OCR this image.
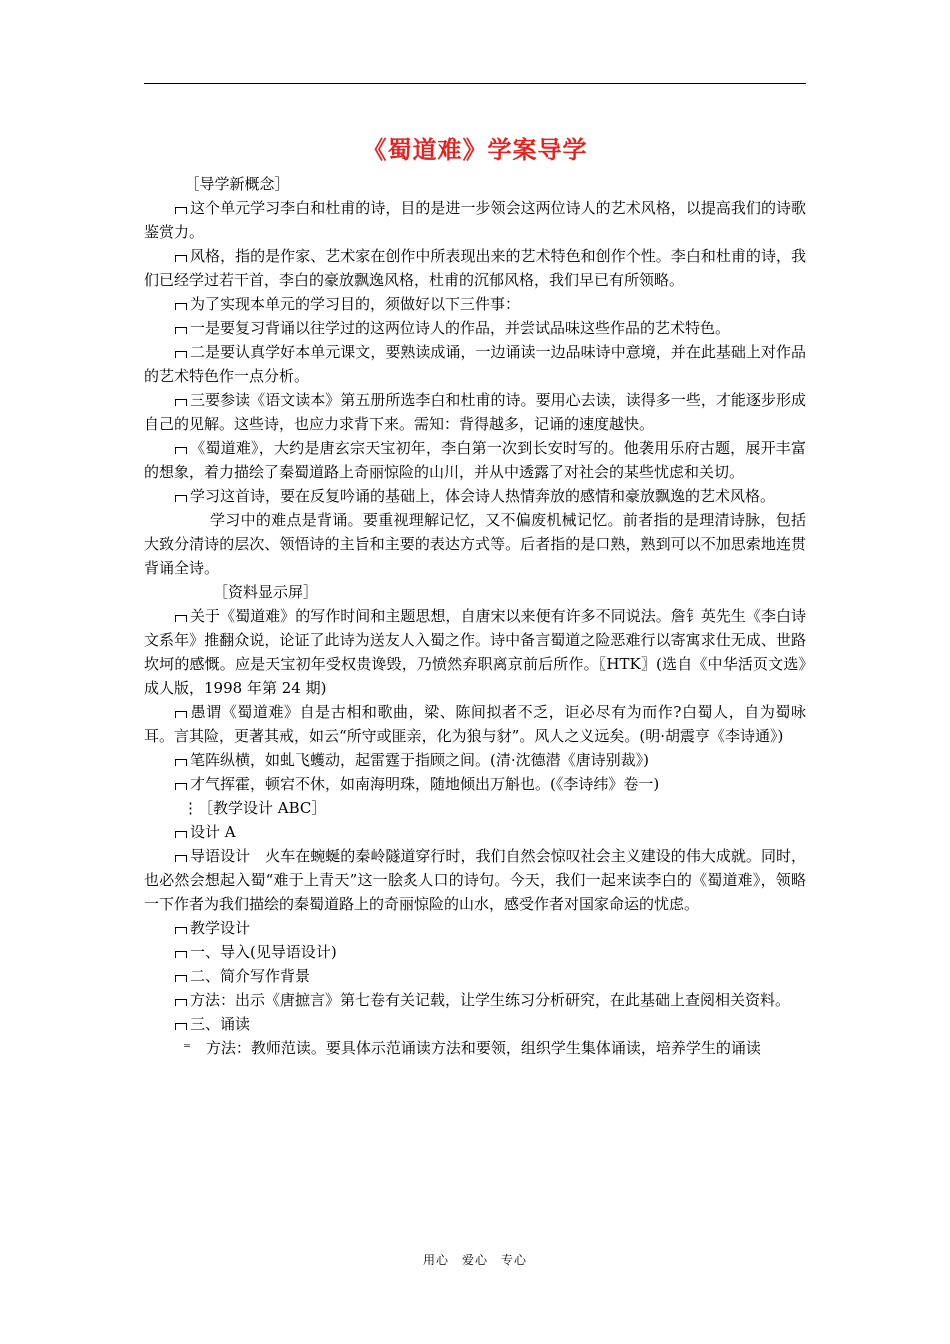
《蜀道难》学案导学

［导学新概念］

这个单元学习李白和杜甫的诗，目的是进一步领会这两位诗人的艺术风格，以提高我们的诗歌鉴赏力。

风格，指的是作家、艺术家在创作中所表现出来的艺术特色和创作个性。李白和杜甫的诗，我们已经学过若干首，李白的豪放飘逸风格，杜甫的沉郁风格，我们早已有所领略。

为了实现本单元的学习目的，须做好以下三件事：

一是要复习背诵以往学过的这两位诗人的作品，并尝试品味这些作品的艺术特色。

二是要认真学好本单元课文，要熟读成诵，一边诵读一边品味诗中意境，并在此基础上对作品的艺术特色作一点分析。

三要参读《语文读本》第五册所选李白和杜甫的诗。要用心去读，读得多一些，才能逐步形成自己的见解。这些诗，也应力求背下来。需知：背得越多，记诵的速度越快。

《蜀道难》，大约是唐玄宗天宝初年，李白第一次到长安时写的。他袭用乐府古题，展开丰富的想象，着力描绘了秦蜀道路上奇丽惊险的山川，并从中透露了对社会的某些忧虑和关切。

学习这首诗，要在反复吟诵的基础上，体会诗人热情奔放的感情和豪放飘逸的艺术风格。

学习中的难点是背诵。要重视理解记忆，又不偏废机械记忆。前者指的是理清诗脉，包括大致分清诗的层次、领悟诗的主旨和主要的表达方式等。后者指的是口熟，熟到可以不加思索地连贯背诵全诗。

［资料显示屏］

关于《蜀道难》的写作时间和主题思想，自唐宋以来便有许多不同说法。詹钅英先生《李白诗文系年》推翻众说，论证了此诗为送友人入蜀之作。诗中备言蜀道之险恶难行以寄寓求仕无成、世路坎坷的感慨。应是天宝初年受权贵谗毁，乃愤然弃职离京前后所作。〖HTK〗(选自《中华活页文选》成人版，1998 年第 24 期)

愚谓《蜀道难》自是古相和歌曲，梁、陈间拟者不乏，讵必尽有为而作?白蜀人，自为蜀咏耳。言其险，更著其戒，如云“所守或匪亲，化为狼与豺”。风人之义远矣。(明·胡震亨《李诗通》)

笔阵纵横，如虬飞蠖动，起雷霆于指顾之间。(清·沈德潜《唐诗别裁》)

才气挥霍，顿宕不休，如南海明珠，随地倾出万斛也。(《李诗纬》卷一)

⋮［教学设计 ABC］

设计 A

导语设计　火车在蜿蜒的秦岭隧道穿行时，我们自然会惊叹社会主义建设的伟大成就。同时，也必然会想起入蜀“难于上青天”这一脍炙人口的诗句。今天，我们一起来读李白的《蜀道难》，领略一下作者为我们描绘的秦蜀道路上的奇丽惊险的山水，感受作者对国家命运的忧虑。

教学设计

一、导入(见导语设计)

二、简介写作背景

方法：出示《唐摭言》第七卷有关记载，让学生练习分析研究，在此基础上查阅相关资料。

三、诵读

⁼　方法：教师范读。要具体示范诵读方法和要领，组织学生集体诵读，培养学生的诵读

用心　爱心　专心
